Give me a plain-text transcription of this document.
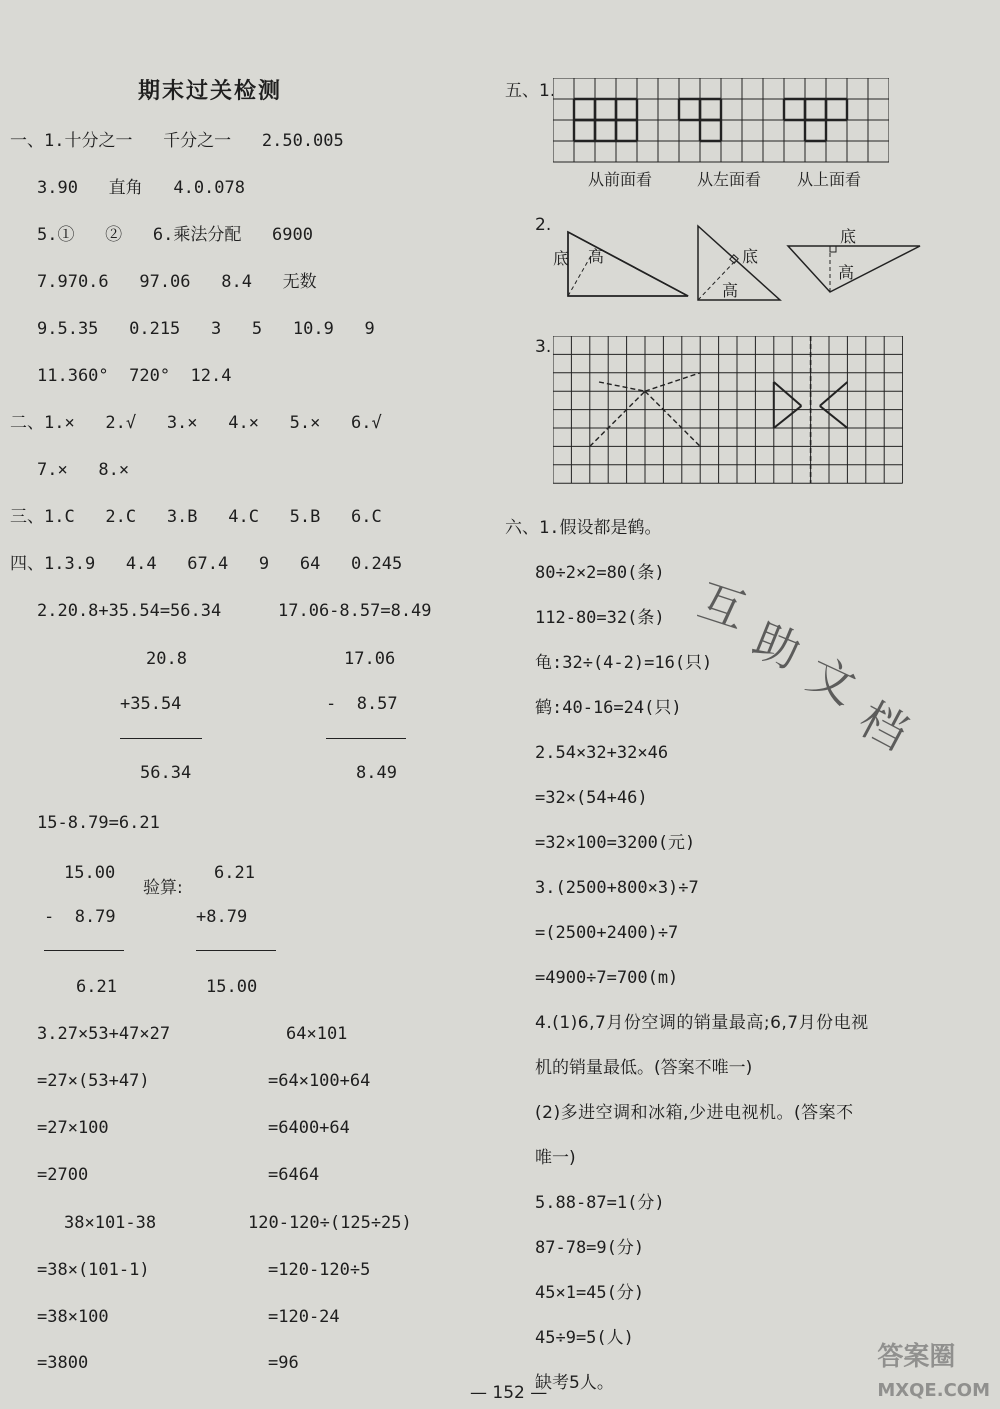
期末过关检测
一、1.十分之一   千分之一   2.50.005
3.90   直角   4.0.078
5.①   ②   6.乘法分配   6900
7.970.6   97.06   8.4   无数
9.5.35   0.215   3   5   10.9   9
11.360°  720°  12.4
二、1.×   2.√   3.×   4.×   5.×   6.√
7.×   8.×
三、1.C   2.C   3.B   4.C   5.B   6.C
四、1.3.9   4.4   67.4   9   64   0.245
2.20.8+35.54=56.34	17.06-8.57=8.49
20.8
+35.54
56.34
17.06
-  8.57
8.49
15-8.79=6.21
15.00
验算:
6.21
-  8.79	+8.79
6.21	15.00
3.27×53+47×27	64×101
=27×(53+47)	=64×100+64
=27×100	=6400+64
=2700	=6464
38×101-38	120-120÷(125÷25)
=38×(101-1)	=120-120÷5
=38×100	=120-24
=3800	=96
五、1.
从前面看	从左面看 从上面看
2.
底 高	底
高
底
高
3.
六、1.假设都是鹤。
80÷2×2=80(条)
112-80=32(条)
龟:32÷(4-2)=16(只)
鹤:40-16=24(只)
2.54×32+32×46
=32×(54+46)
=32×100=3200(元)
3.(2500+800×3)÷7
=(2500+2400)÷7
=4900÷7=700(m)
4.(1)6,7月份空调的销量最高;6,7月份电视
机的销量最低。(答案不唯一)
(2)多进空调和冰箱,少进电视机。(答案不
唯一)
5.88-87=1(分)
87-78=9(分)
45×1=45(分)
45÷9=5(人)
缺考5人。
互
助
文
档
— 152 —
答案圈
MXQE.COM
